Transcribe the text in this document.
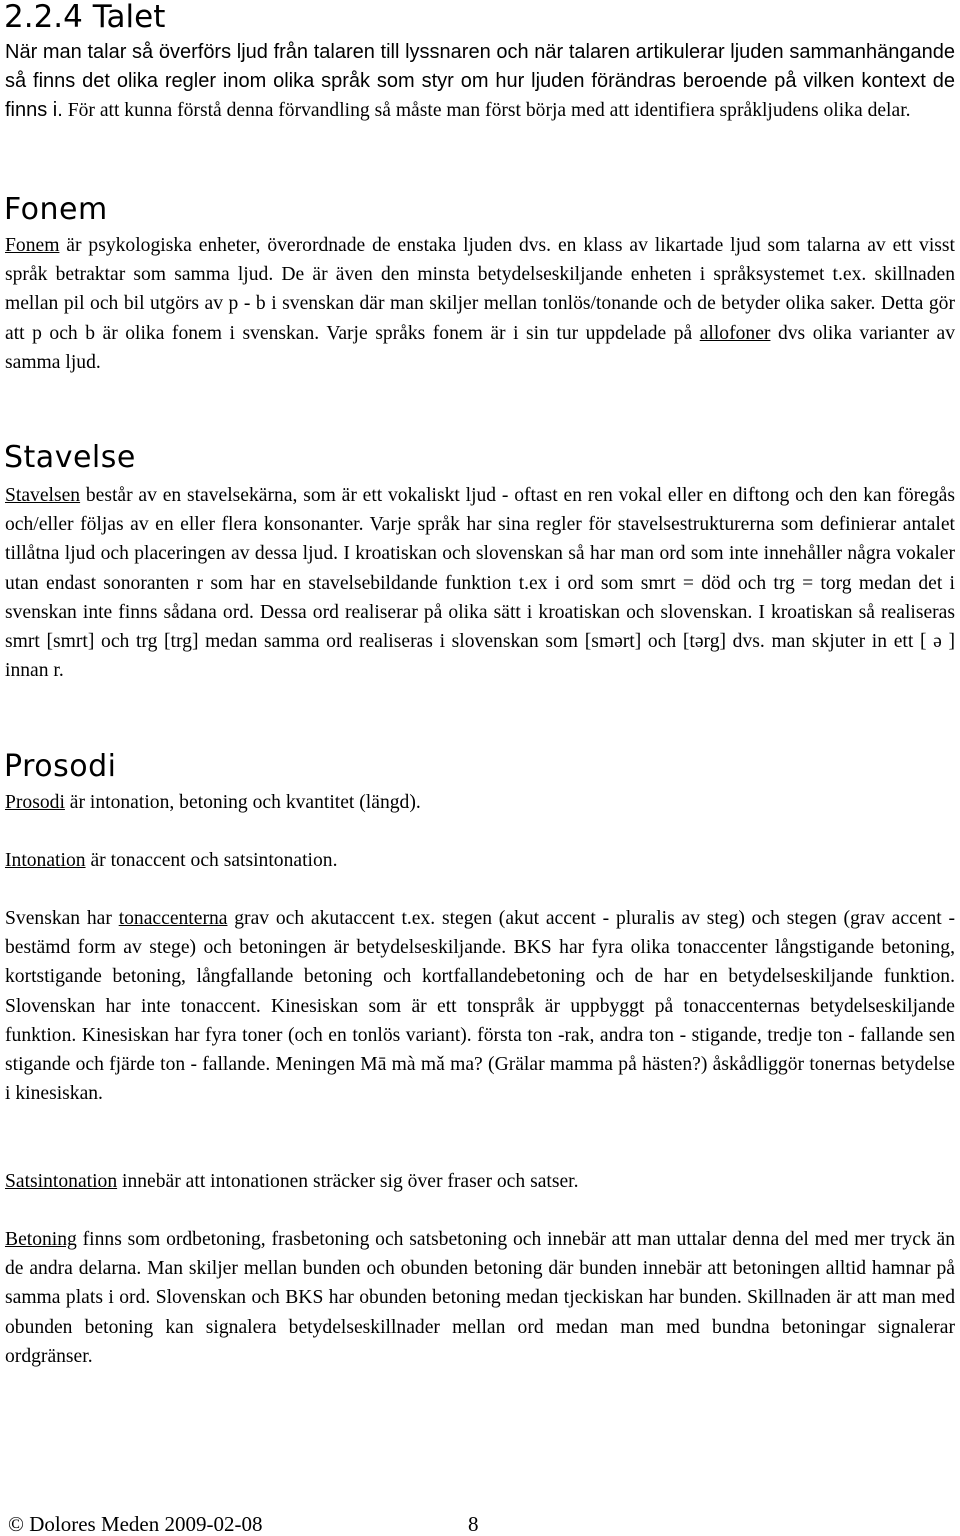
2.2.4 Talet

När man talar så överförs ljud från talaren till lyssnaren och när talaren artikulerar ljuden sammanhängande så finns det olika regler inom olika språk som styr om hur ljuden förändras beroende på vilken kontext de finns i. För att kunna förstå denna förvandling så måste man först börja med att identifiera språkljudens olika delar.

Fonem

Fonem är psykologiska enheter, överordnade de enstaka ljuden dvs. en klass av likartade ljud som talarna av ett visst språk betraktar som samma ljud. De är även den minsta betydelseskiljande enheten i språksystemet t.ex. skillnaden mellan pil och bil utgörs av p - b i svenskan där man skiljer mellan tonlös/tonande och de betyder olika saker. Detta gör att p och b är olika fonem i svenskan. Varje språks fonem är i sin tur uppdelade på allofoner dvs olika varianter av samma ljud.

Stavelse

Stavelsen består av en stavelsekärna, som är ett vokaliskt ljud - oftast en ren vokal eller en diftong och den kan föregås och/eller följas av en eller flera konsonanter. Varje språk har sina regler för stavelsestrukturerna som definierar antalet tillåtna ljud och placeringen av dessa ljud. I kroatiskan och slovenskan så har man ord som inte innehåller några vokaler utan endast sonoranten r som har en stavelsebildande funktion t.ex i ord som smrt = död och trg = torg medan det i svenskan inte finns sådana ord. Dessa ord realiserar på olika sätt i kroatiskan och slovenskan. I kroatiskan så realiseras smrt [smrt] och trg [trg] medan samma ord realiseras i slovenskan som [smərt] och [tərg] dvs. man skjuter in ett [ ə ] innan r.

Prosodi

Prosodi är intonation, betoning och kvantitet (längd).

Intonation är tonaccent och satsintonation.

Svenskan har tonaccenterna grav och akutaccent t.ex. stegen (akut accent - pluralis av steg) och stegen (grav accent - bestämd form av stege) och betoningen är betydelseskiljande. BKS har fyra olika tonaccenter långstigande betoning, kortstigande betoning, långfallande betoning och kortfallandebetoning och de har en betydelseskiljande funktion. Slovenskan har inte tonaccent. Kinesiskan som är ett tonspråk är uppbyggt på tonaccenternas betydelseskiljande funktion. Kinesiskan har fyra toner (och en tonlös variant). första ton -rak, andra ton - stigande, tredje ton - fallande sen stigande och fjärde ton - fallande. Meningen Mā mà mǎ ma? (Grälar mamma på hästen?) åskådliggör tonernas betydelse i kinesiskan.

Satsintonation innebär att intonationen sträcker sig över fraser och satser.

Betoning finns som ordbetoning, frasbetoning och satsbetoning och innebär att man uttalar denna del med mer tryck än de andra delarna. Man skiljer mellan bunden och obunden betoning där bunden innebär att betoningen alltid hamnar på samma plats i ord. Slovenskan och BKS har obunden betoning medan tjeckiskan har bunden. Skillnaden är att man med obunden betoning kan signalera betydelseskillnader mellan ord medan man med bundna betoningar signalerar ordgränser.

© Dolores Meden 2009-02-08	8
